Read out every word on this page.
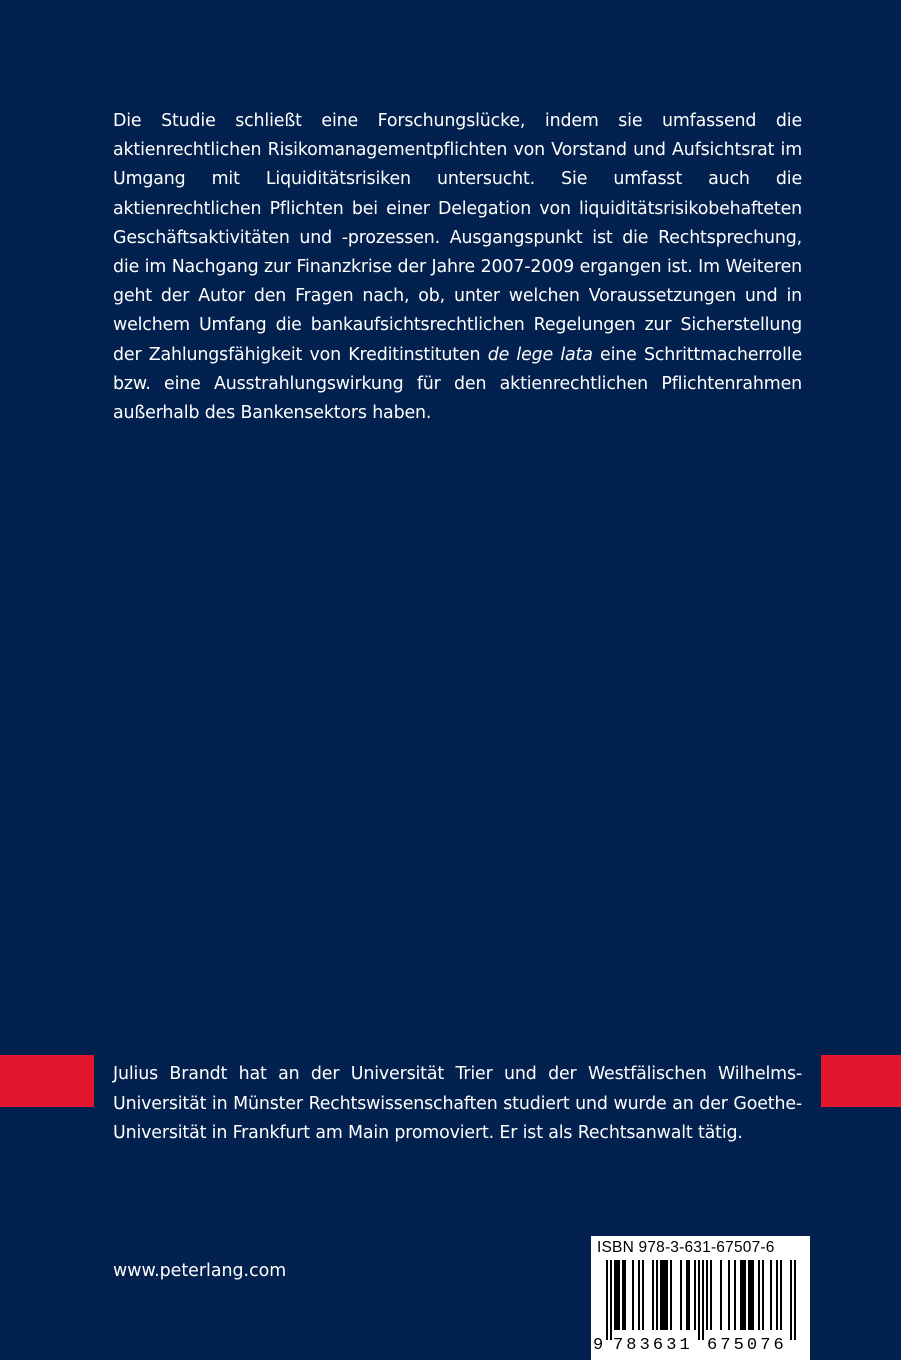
Die Studie schließt eine Forschungslücke, indem sie umfassend die aktienrechtlichen Risikomanagementpflichten von Vorstand und Aufsichtsrat im Umgang mit Liquiditätsrisiken untersucht. Sie umfasst auch die aktienrechtlichen Pflichten bei einer Delegation von liquiditätsrisikobehafteten Geschäftsaktivitäten und -prozessen. Ausgangspunkt ist die Rechtsprechung, die im Nachgang zur Finanzkrise der Jahre 2007-2009 ergangen ist. Im Weiteren geht der Autor den Fragen nach, ob, unter welchen Voraussetzungen und in welchem Umfang die bankaufsichtsrechtlichen Regelungen zur Sicherstellung der Zahlungsfähigkeit von Kreditinstituten de lege lata eine Schrittmacherrolle bzw. eine Ausstrahlungswirkung für den aktienrechtlichen Pflichtenrahmen außerhalb des Bankensektors haben.

Julius Brandt hat an der Universität Trier und der Westfälischen Wilhelms-Universität in Münster Rechtswissenschaften studiert und wurde an der Goethe-Universität in Frankfurt am Main promoviert. Er ist als Rechtsanwalt tätig.

www.peterlang.com
ISBN 978-3-631-67507-6
9 783631 675076
